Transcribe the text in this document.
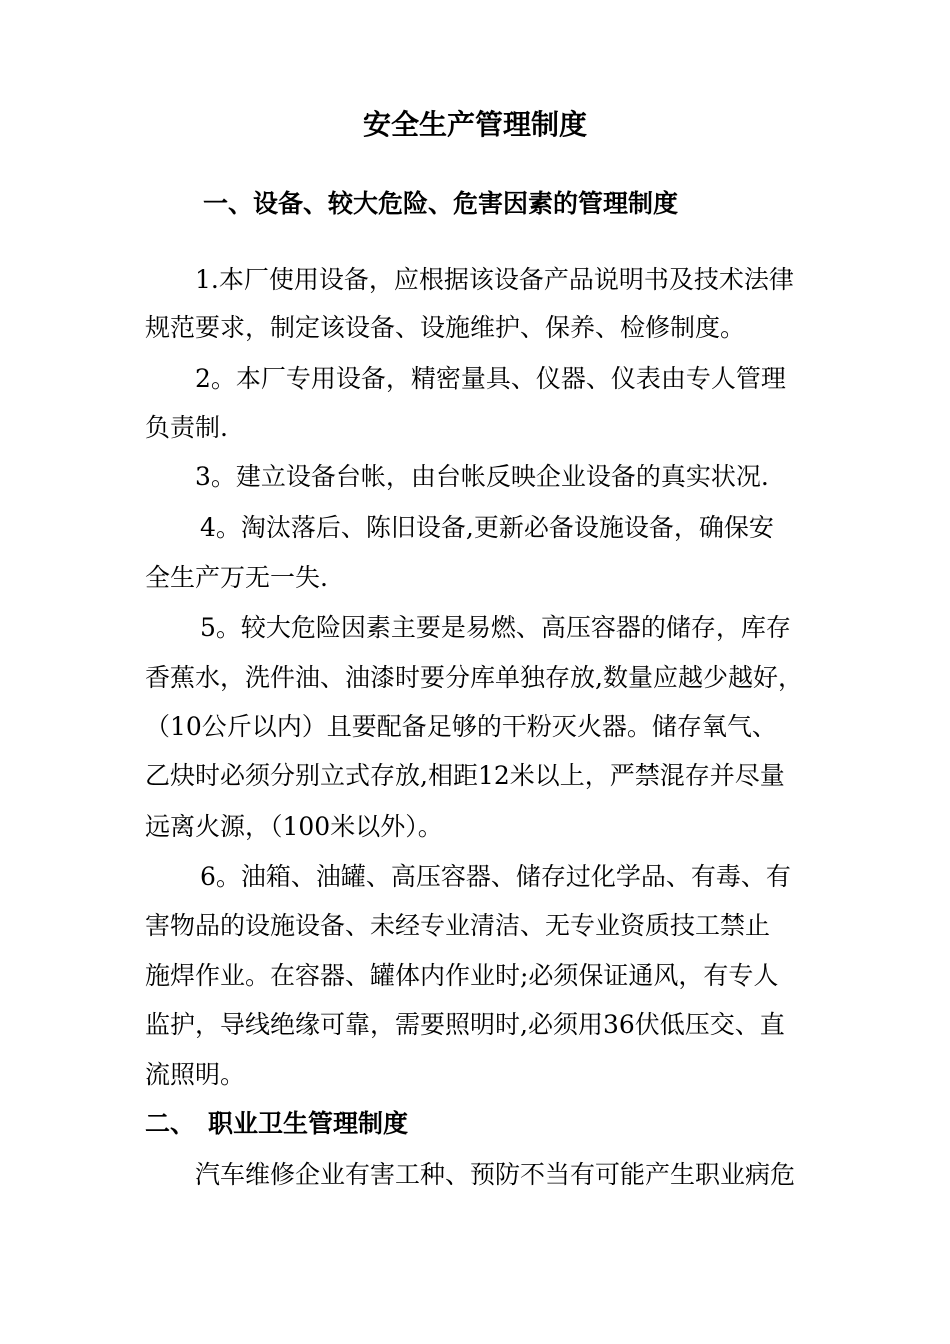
安全生产管理制度
一、设备、较大危险、危害因素的管理制度
1.本厂使用设备，应根据该设备产品说明书及技术法律
规范要求，制定该设备、设施维护、保养、检修制度。
2。本厂专用设备，精密量具、仪器、仪表由专人管理
负责制.
3。建立设备台帐，由台帐反映企业设备的真实状况.
4。淘汰落后、陈旧设备,更新必备设施设备，确保安
全生产万无一失.
5。较大危险因素主要是易燃、高压容器的储存，库存
香蕉水，洗件油、油漆时要分库单独存放,数量应越少越好，
（10公斤以内）且要配备足够的干粉灭火器。储存氧气、
乙炔时必须分别立式存放,相距12米以上，严禁混存并尽量
远离火源，（100米以外）。
6。油箱、油罐、高压容器、储存过化学品、有毒、有
害物品的设施设备、未经专业清洁、无专业资质技工禁止
施焊作业。在容器、罐体内作业时;必须保证通风，有专人
监护，导线绝缘可靠，需要照明时,必须用36伏低压交、直
流照明。
二、 职业卫生管理制度
汽车维修企业有害工种、预防不当有可能产生职业病危
